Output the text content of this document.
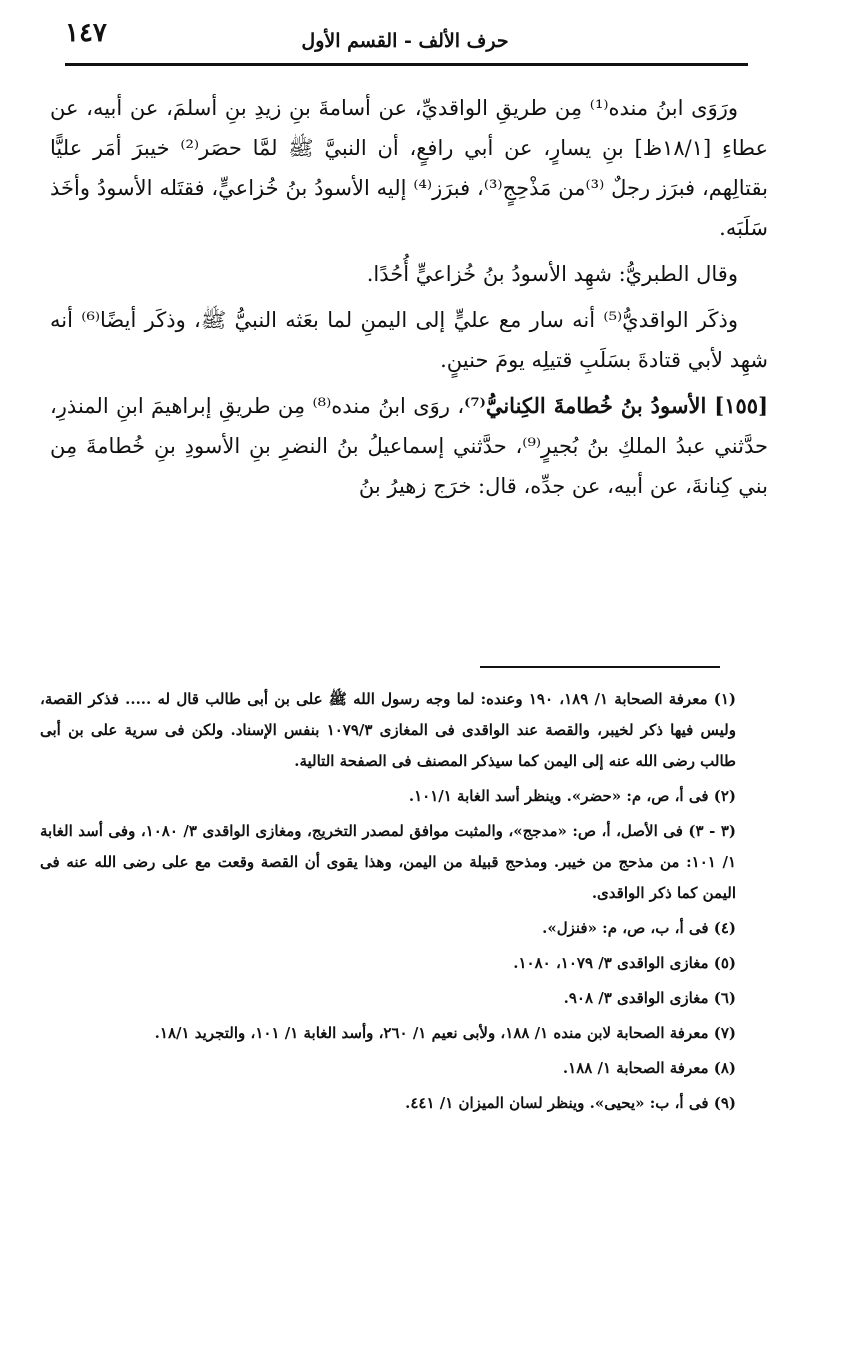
١٤٧	حرف الألف - القسم الأول

ورَوَى ابنُ منده⁽¹⁾ مِن طريقِ الواقديِّ، عن أسامةَ بنِ زيدِ بنِ أسلمَ، عن أبيه، عن عطاءِ [١٨/١ظ] بنِ يسارٍ، عن أبي رافعٍ، أن النبيَّ ﷺ لمَّا حصَر⁽²⁾ خيبرَ أمَر عليًّا بقتالِهم، فبرَز رجلٌ ⁽³⁾من مَذْحِجٍ⁽³⁾، فبرَز⁽⁴⁾ إليه الأسودُ بنُ خُزاعيٍّ، فقتَله الأسودُ وأخَذ سَلَبَه.

وقال الطبريُّ: شهِد الأسودُ بنُ خُزاعيٍّ أُحُدًا.

وذكَر الواقديُّ⁽⁵⁾ أنه سار مع عليٍّ إلى اليمنِ لما بعَثه النبيُّ ﷺ، وذكَر أيضًا⁽⁶⁾ أنه شهِد لأبي قتادةَ بسَلَبِ قتيلِه يومَ حنينٍ.

[١٥٥] الأسودُ بنُ خُطامةَ الكِنانيُّ⁽⁷⁾، روَى ابنُ منده⁽⁸⁾ مِن طريقِ إبراهيمَ ابنِ المنذرِ، حدَّثني عبدُ الملكِ بنُ بُجيرٍ⁽⁹⁾، حدَّثني إسماعيلُ بنُ النضرِ بنِ الأسودِ بنِ خُطامةَ مِن بني كِنانةَ، عن أبيه، عن جدِّه، قال: خرَج زهيرُ بنُ

(١) معرفة الصحابة ١/ ١٨٩، ١٩٠ وعنده: لما وجه رسول الله ﷺ على بن أبى طالب قال له ..... فذكر القصة، وليس فيها ذكر لخيبر، والقصة عند الواقدى فى المغازى ١٠٧٩/٣ بنفس الإسناد. ولكن فى سرية على بن أبى طالب رضى الله عنه إلى اليمن كما سيذكر المصنف فى الصفحة التالية.
(٢) فى أ، ص، م: «حضر». وينظر أسد الغابة ١٠١/١.
(٣ - ٣) فى الأصل، أ، ص: «مدجج»، والمثبت موافق لمصدر التخريج، ومغازى الواقدى ٣/ ١٠٨٠، وفى أسد الغابة ١/ ١٠١: من مذحج من خيبر. ومذحج قبيلة من اليمن، وهذا يقوى أن القصة وقعت مع على رضى الله عنه فى اليمن كما ذكر الواقدى.
(٤) فى أ، ب، ص، م: «فنزل».
(٥) مغازى الواقدى ٣/ ١٠٧٩، ١٠٨٠.
(٦) مغازى الواقدى ٣/ ٩٠٨.
(٧) معرفة الصحابة لابن منده ١/ ١٨٨، ولأبى نعيم ١/ ٢٦٠، وأسد الغابة ١/ ١٠١، والتجريد ١٨/١.
(٨) معرفة الصحابة ١/ ١٨٨.
(٩) فى أ، ب: «يحيى». وينظر لسان الميزان ١/ ٤٤١.
